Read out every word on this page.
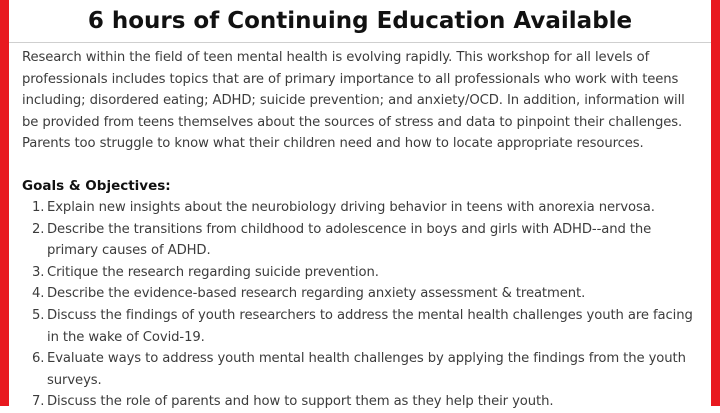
6 hours of Continuing Education Available

Research within the field of teen mental health is evolving rapidly. This workshop for all levels of professionals includes topics that are of primary importance to all professionals who work with teens including; disordered eating; ADHD; suicide prevention; and anxiety/OCD. In addition, information will be provided from teens themselves about the sources of stress and data to pinpoint their challenges. Parents too struggle to know what their children need and how to locate appropriate resources.

Goals & Objectives:
1. Explain new insights about the neurobiology driving behavior in teens with anorexia nervosa.
2. Describe the transitions from childhood to adolescence in boys and girls with ADHD--and the primary causes of ADHD.
3. Critique the research regarding suicide prevention.
4. Describe the evidence-based research regarding anxiety assessment & treatment.
5. Discuss the findings of youth researchers to address the mental health challenges youth are facing in the wake of Covid-19.
6. Evaluate ways to address youth mental health challenges by applying the findings from the youth surveys.
7. Discuss the role of parents and how to support them as they help their youth.
